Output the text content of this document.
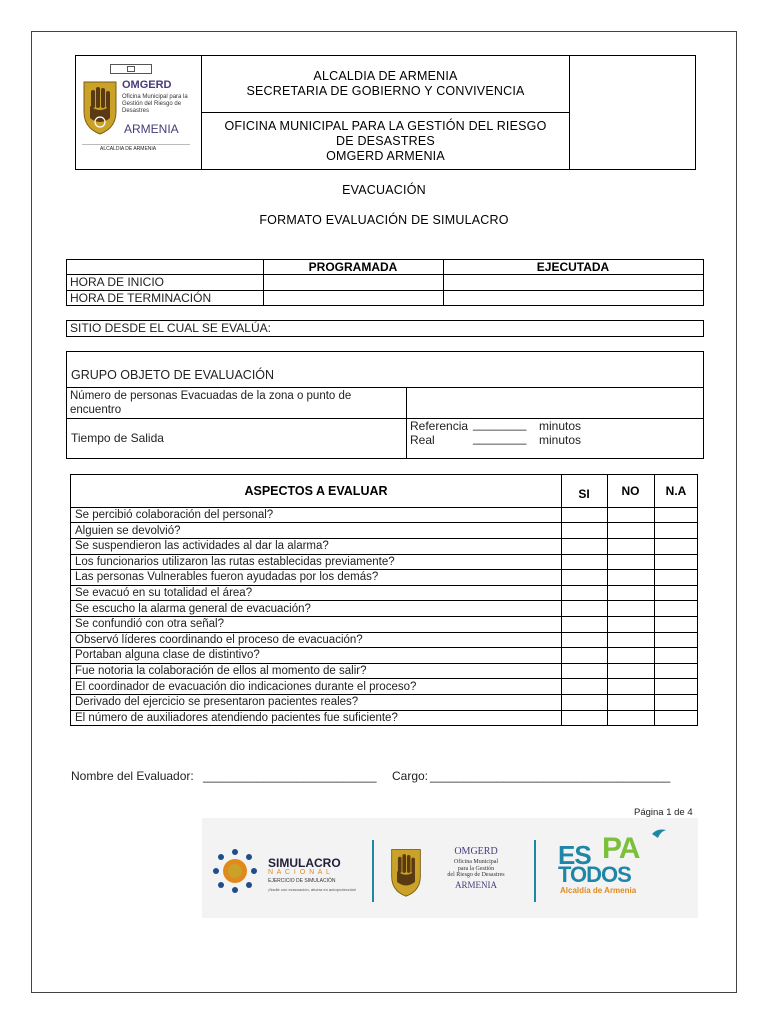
OMGERD
Oficina Municipal para la Gestión del Riesgo de Desastres
ARMENIA
ALCALDIA DE ARMENIA
ALCALDIA DE ARMENIA
SECRETARIA DE GOBIERNO Y CONVIVENCIA
OFICINA MUNICIPAL PARA LA GESTIÓN DEL RIESGO
DE DESASTRES
OMGERD ARMENIA
EVACUACIÓN
FORMATO EVALUACIÓN DE SIMULACRO
PROGRAMADA	EJECUTADA
HORA DE INICIO
HORA DE TERMINACIÓN
SITIO DESDE EL CUAL SE EVALÚA:
GRUPO OBJETO DE EVALUACIÓN
Número de personas Evacuadas de la zona o punto de
encuentro
Tiempo de Salida
Referencia ________ minutos
Real	________ minutos
ASPECTOS A EVALUAR	SI	NO	N.A
Se percibió colaboración del personal?
Alguien se devolvió?
Se suspendieron las actividades al dar la alarma?
Los funcionarios utilizaron las rutas establecidas previamente?
Las personas Vulnerables fueron ayudadas por los demás?
Se evacuó en su totalidad el área?
Se escucho la alarma general de evacuación?
Se confundió con otra señal?
Observó líderes coordinando el proceso de evacuación?
Portaban alguna clase de distintivo?
Fue notoria la colaboración de ellos al momento de salir?
El coordinador de evacuación dio indicaciones durante el proceso?
Derivado del ejercicio se presentaron pacientes reales?
El número de auxiliadores atendiendo pacientes fue suficiente?
Nombre del Evaluador: __________________________ Cargo: ____________________________________
Página 1 de 4
SIMULACRO
N A C I O N A L
EJERCICIO DE SIMULACIÓN
¡Nadie con evacuación, afuera en autoprotección!
OMGERD
Oficina Municipal
para la Gestión
del Riesgo de Desastres
ARMENIA
ES PA
TODOS
Alcaldía de Armenia
